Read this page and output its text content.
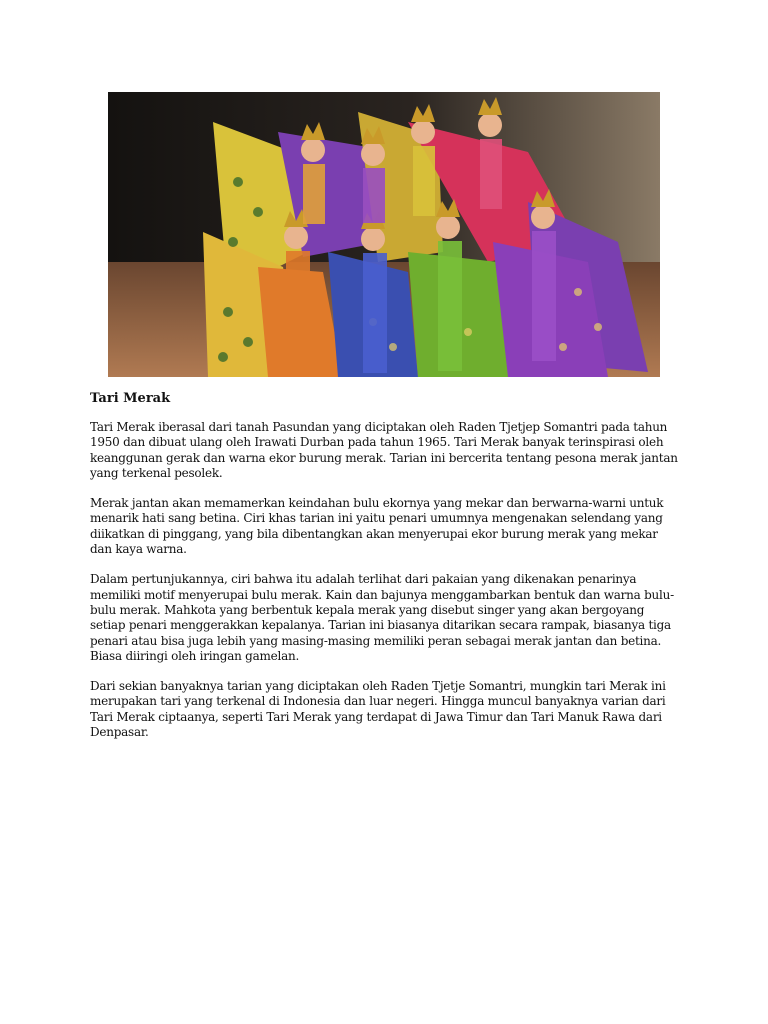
Tari Merak

Tari Merak iberasal dari tanah Pasundan yang diciptakan oleh Raden Tjetjep Somantri pada tahun 1950 dan dibuat ulang oleh Irawati Durban pada tahun 1965. Tari Merak banyak terinspirasi oleh keanggunan gerak dan warna ekor burung merak. Tarian ini bercerita tentang pesona merak jantan yang terkenal pesolek.

Merak jantan akan memamerkan keindahan bulu ekornya yang mekar dan berwarna-warni untuk menarik hati sang betina. Ciri khas tarian ini yaitu penari umumnya mengenakan selendang yang diikatkan di pinggang, yang bila dibentangkan akan menyerupai ekor burung merak yang mekar dan kaya warna.

Dalam pertunjukannya, ciri bahwa itu adalah terlihat dari pakaian yang dikenakan penarinya memiliki motif menyerupai bulu merak. Kain dan bajunya menggambarkan bentuk dan warna bulu-bulu merak. Mahkota yang berbentuk kepala merak yang disebut singer yang akan bergoyang setiap penari menggerakkan kepalanya. Tarian ini biasanya ditarikan secara rampak, biasanya tiga penari atau bisa juga lebih yang masing-masing memiliki peran sebagai merak jantan dan betina. Biasa diiringi oleh iringan gamelan.

Dari sekian banyaknya tarian yang diciptakan oleh Raden Tjetje Somantri, mungkin tari Merak ini merupakan tari yang terkenal di Indonesia dan luar negeri. Hingga muncul banyaknya varian dari Tari Merak ciptaanya, seperti Tari Merak yang terdapat di Jawa Timur dan Tari Manuk Rawa dari Denpasar.
